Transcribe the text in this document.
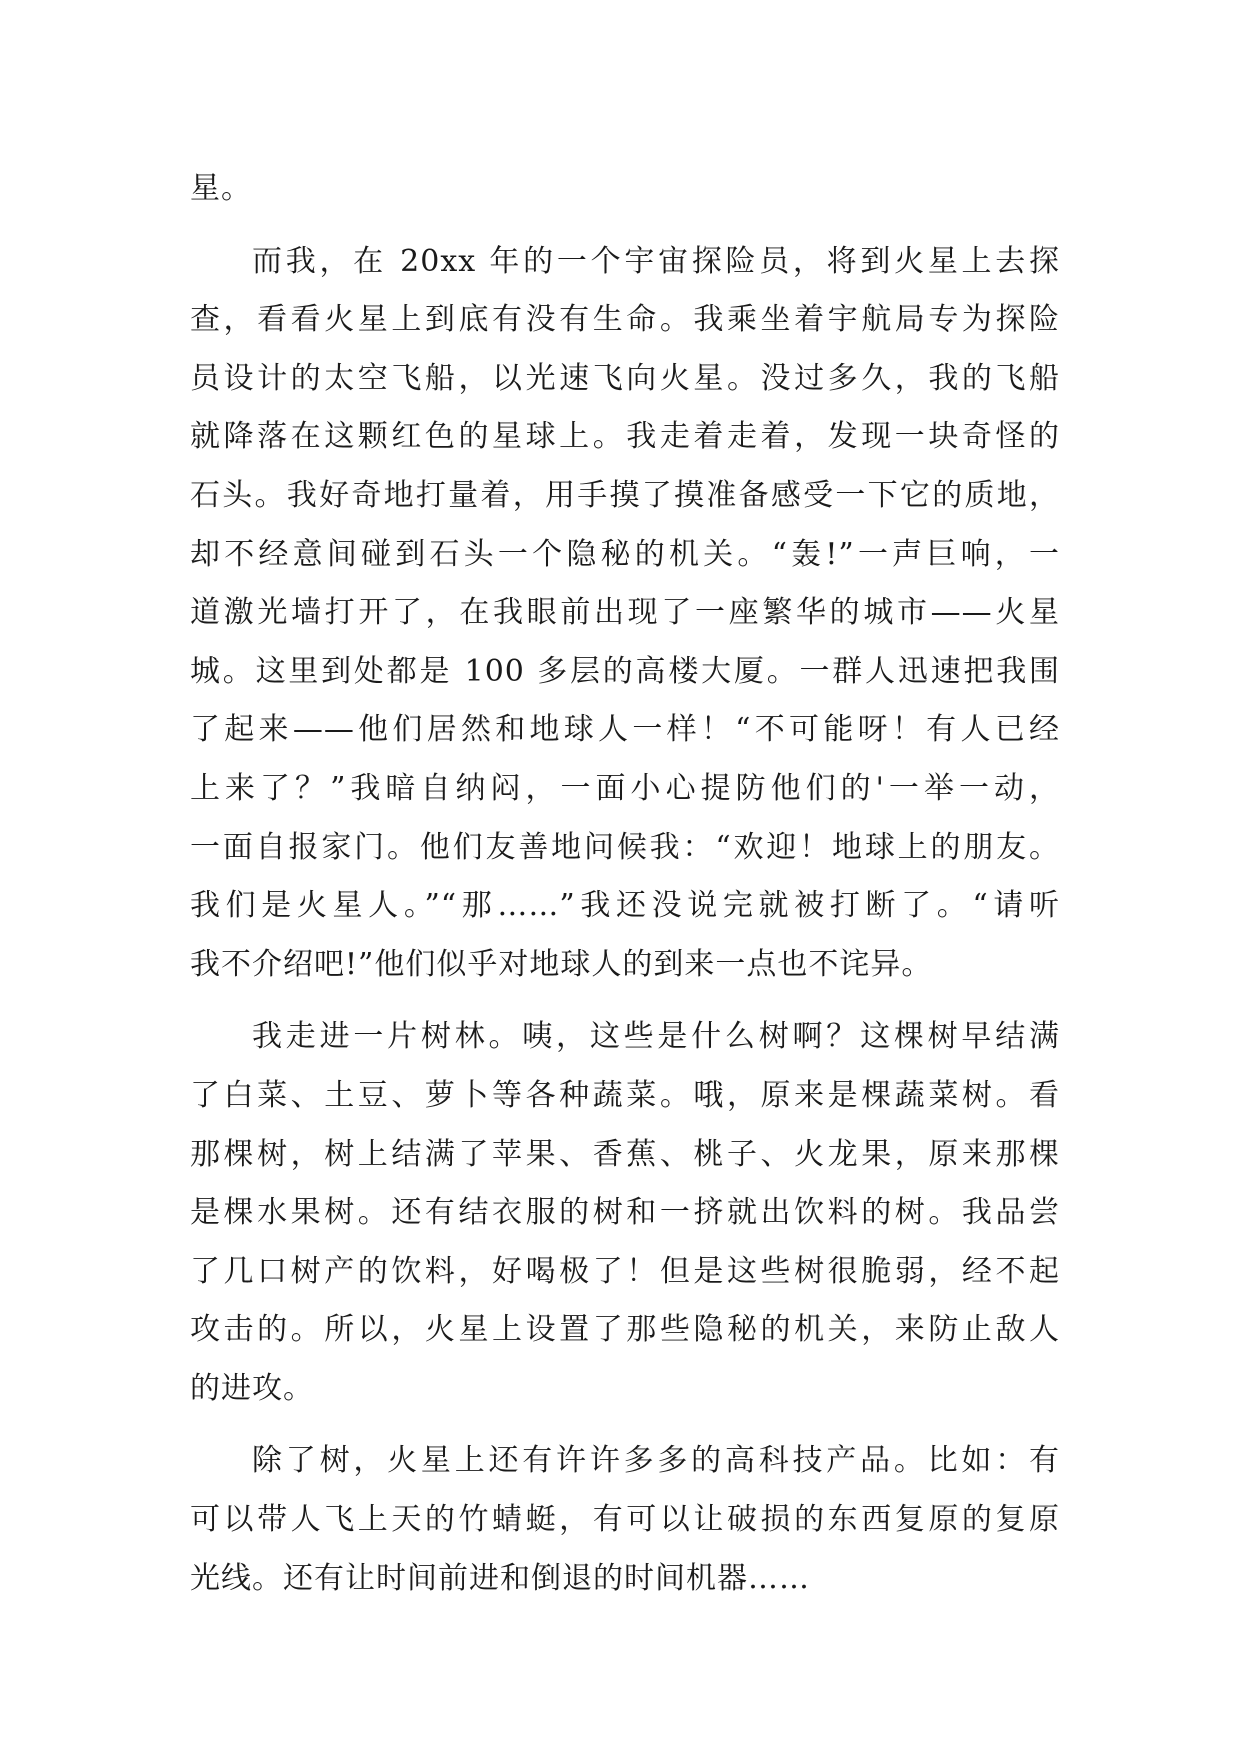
星。
而我，在 20xx 年的一个宇宙探险员，将到火星上去探
查，看看火星上到底有没有生命。我乘坐着宇航局专为探险
员设计的太空飞船，以光速飞向火星。没过多久，我的飞船
就降落在这颗红色的星球上。我走着走着，发现一块奇怪的
石头。我好奇地打量着，用手摸了摸准备感受一下它的质地，
却不经意间碰到石头一个隐秘的机关。“轰!”一声巨响，一
道激光墙打开了，在我眼前出现了一座繁华的城市——火星
城。这里到处都是 100 多层的高楼大厦。一群人迅速把我围
了起来——他们居然和地球人一样！“不可能呀！有人已经
上来了？”我暗自纳闷，一面小心提防他们的'一举一动，
一面自报家门。他们友善地问候我：“欢迎！地球上的朋友。
我们是火星人。”“那……”我还没说完就被打断了。“请听
我不介绍吧!”他们似乎对地球人的到来一点也不诧异。
我走进一片树林。咦，这些是什么树啊？这棵树早结满
了白菜、土豆、萝卜等各种蔬菜。哦，原来是棵蔬菜树。看
那棵树，树上结满了苹果、香蕉、桃子、火龙果，原来那棵
是棵水果树。还有结衣服的树和一挤就出饮料的树。我品尝
了几口树产的饮料，好喝极了！但是这些树很脆弱，经不起
攻击的。所以，火星上设置了那些隐秘的机关，来防止敌人
的进攻。
除了树，火星上还有许许多多的高科技产品。比如：有
可以带人飞上天的竹蜻蜓，有可以让破损的东西复原的复原
光线。还有让时间前进和倒退的时间机器……
